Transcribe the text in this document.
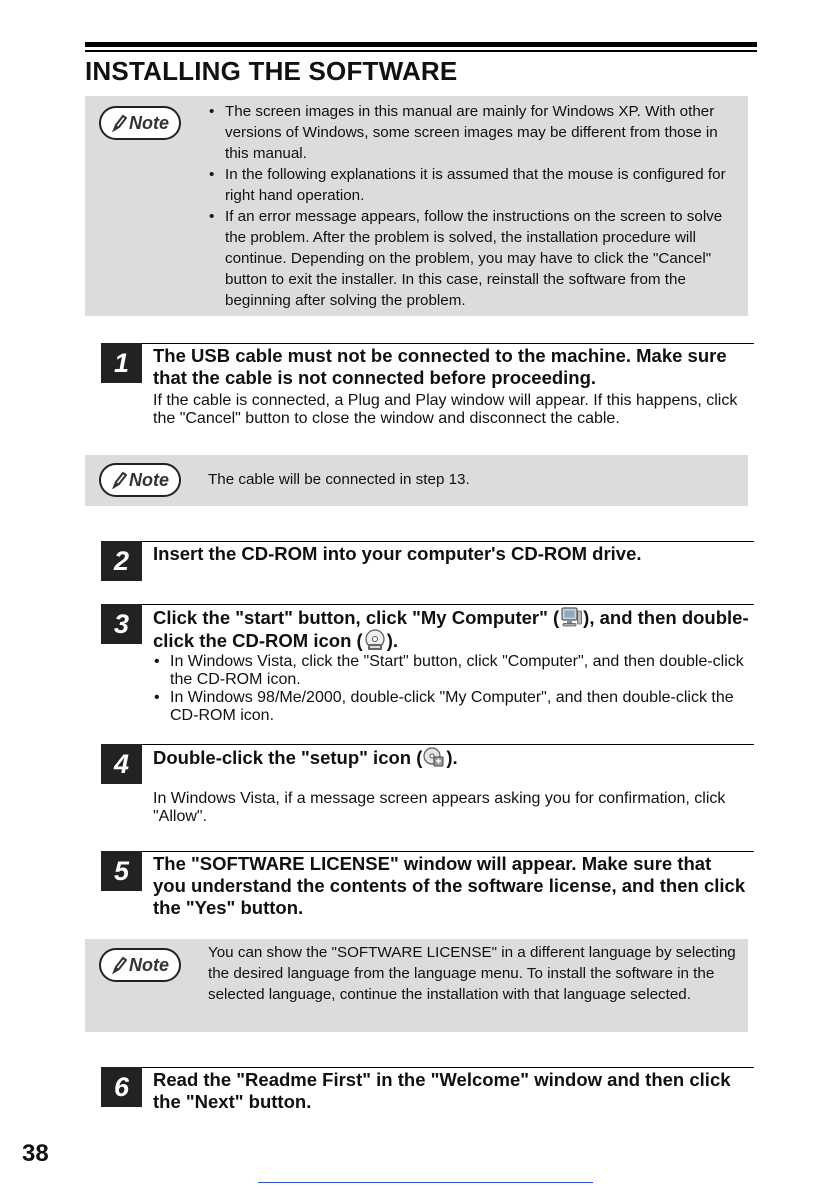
INSTALLING THE SOFTWARE
Note
• The screen images in this manual are mainly for Windows XP. With other versions of Windows, some screen images may be different from those in this manual.
• In the following explanations it is assumed that the mouse is configured for right hand operation.
• If an error message appears, follow the instructions on the screen to solve the problem. After the problem is solved, the installation procedure will continue. Depending on the problem, you may have to click the "Cancel" button to exit the installer. In this case, reinstall the software from the beginning after solving the problem.
1	The USB cable must not be connected to the machine. Make sure that the cable is not connected before proceeding.
If the cable is connected, a Plug and Play window will appear. If this happens, click the "Cancel" button to close the window and disconnect the cable.
Note	The cable will be connected in step 13.
2	Insert the CD-ROM into your computer's CD-ROM drive.
3	Click the "start" button, click "My Computer" ( ), and then double-click the CD-ROM icon ( ).
• In Windows Vista, click the "Start" button, click "Computer", and then double-click the CD-ROM icon.
• In Windows 98/Me/2000, double-click "My Computer", and then double-click the CD-ROM icon.
4	Double-click the "setup" icon ( ).
In Windows Vista, if a message screen appears asking you for confirmation, click "Allow".
5	The "SOFTWARE LICENSE" window will appear. Make sure that you understand the contents of the software license, and then click the "Yes" button.
Note
You can show the "SOFTWARE LICENSE" in a different language by selecting the desired language from the language menu. To install the software in the selected language, continue the installation with that language selected.
6	Read the "Readme First" in the "Welcome" window and then click the "Next" button.
38
